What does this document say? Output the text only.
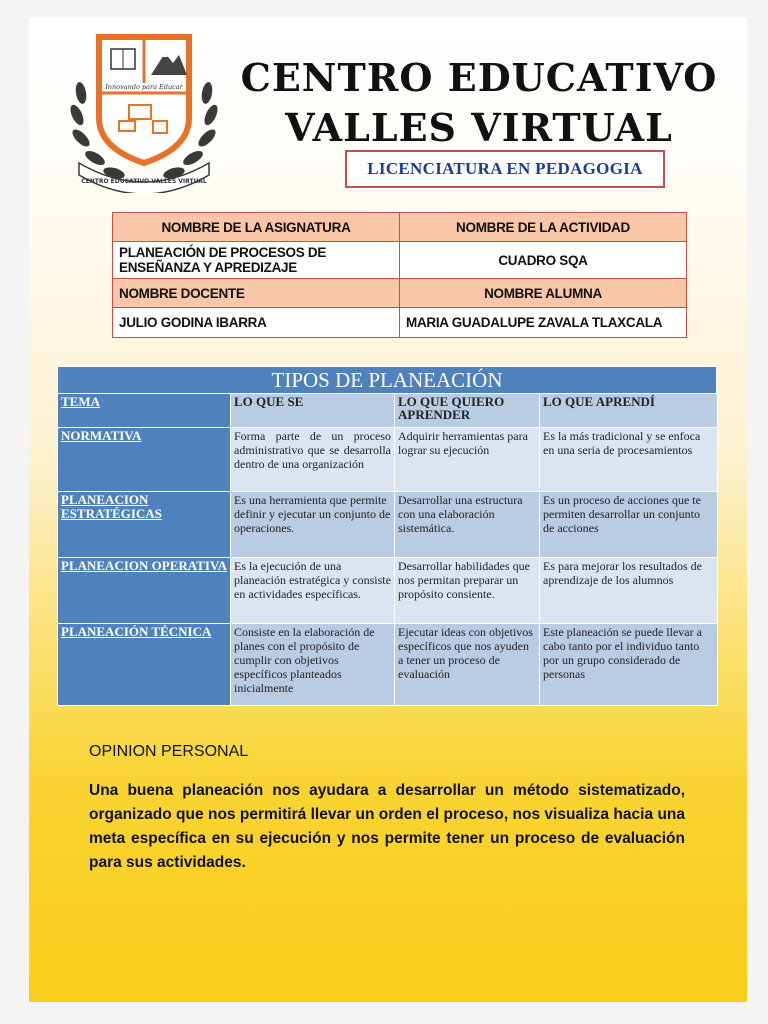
Innovando para Educar
CENTRO EDUCATIVO VALLES VIRTUAL
CENTRO EDUCATIVO
VALLES VIRTUAL
LICENCIATURA EN PEDAGOGIA
NOMBRE DE LA ASIGNATURA	NOMBRE DE LA ACTIVIDAD
PLANEACIÓN DE PROCESOS DE ENSEÑANZA Y APREDIZAJE	CUADRO SQA
NOMBRE DOCENTE	NOMBRE ALUMNA
JULIO GODINA IBARRA	MARIA GUADALUPE ZAVALA TLAXCALA
TIPOS DE PLANEACIÓN
TEMA	LO QUE SE	LO QUE QUIERO APRENDER	LO QUE APRENDÍ
NORMATIVA	Forma parte de un proceso administrativo que se desarrolla dentro de una organización	Adquirir herramientas para lograr su ejecución	Es la más tradicional y se enfoca en una seria de procesamientos
PLANEACION ESTRATÉGICAS	Es una herramienta que permite definir y ejecutar un conjunto de operaciones.	Desarrollar una estructura con una elaboración sistemática.	Es un proceso de acciones que te permiten desarrollar un conjunto de acciones
PLANEACION OPERATIVA	Es la ejecución de una planeación estratégica y consiste en actividades específicas.	Desarrollar habilidades que nos permitan preparar un propósito consiente.	Es para mejorar los resultados de aprendizaje de los alumnos
PLANEACIÓN TÉCNICA	Consiste en la elaboración de planes con el propósito de cumplir con objetivos específicos planteados inicialmente	Ejecutar ideas con objetivos específicos que nos ayuden a tener un proceso de evaluación	Este planeación se puede llevar a cabo tanto por el individuo tanto por un grupo considerado de personas
OPINION PERSONAL
Una buena planeación nos ayudara a desarrollar un método sistematizado, organizado que nos permitirá llevar un orden el proceso, nos visualiza hacia una meta específica en su ejecución y nos permite tener un proceso de evaluación para sus actividades.
